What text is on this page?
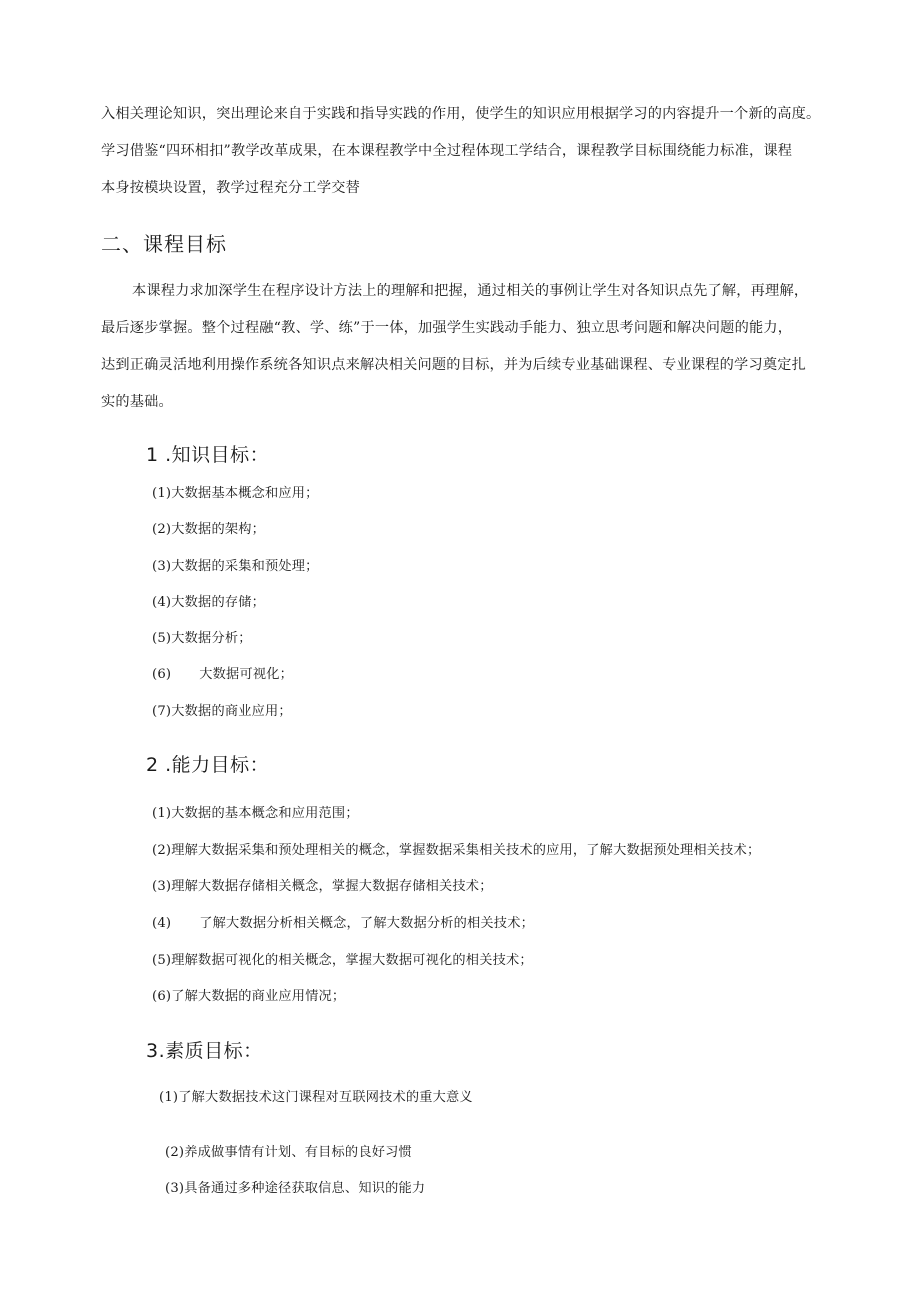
入相关理论知识，突出理论来自于实践和指导实践的作用，使学生的知识应用根据学习的内容提升一个新的高度。

学习借鉴“四环相扣”教学改革成果，在本课程教学中全过程体现工学结合，课程教学目标围绕能力标准，课程

本身按模块设置，教学过程充分工学交替

二、课程目标

本课程力求加深学生在程序设计方法上的理解和把握，通过相关的事例让学生对各知识点先了解，再理解，

最后逐步掌握。整个过程融“教、学、练”于一体，加强学生实践动手能力、独立思考问题和解决问题的能力，

达到正确灵活地利用操作系统各知识点来解决相关问题的目标，并为后续专业基础课程、专业课程的学习奠定扎

实的基础。

1 .知识目标：
(1)大数据基本概念和应用；
(2)大数据的架构；
(3)大数据的采集和预处理；
(4)大数据的存储；
(5)大数据分析；
(6) 大数据可视化；
(7)大数据的商业应用；
2 .能力目标：
(1)大数据的基本概念和应用范围；
(2)理解大数据采集和预处理相关的概念，掌握数据采集相关技术的应用，了解大数据预处理相关技术；
(3)理解大数据存储相关概念，掌握大数据存储相关技术；
(4) 了解大数据分析相关概念，了解大数据分析的相关技术；
(5)理解数据可视化的相关概念，掌握大数据可视化的相关技术；
(6)了解大数据的商业应用情况；
3.素质目标：
(1)了解大数据技术这门课程对互联网技术的重大意义
(2)养成做事情有计划、有目标的良好习惯
(3)具备通过多种途径获取信息、知识的能力
